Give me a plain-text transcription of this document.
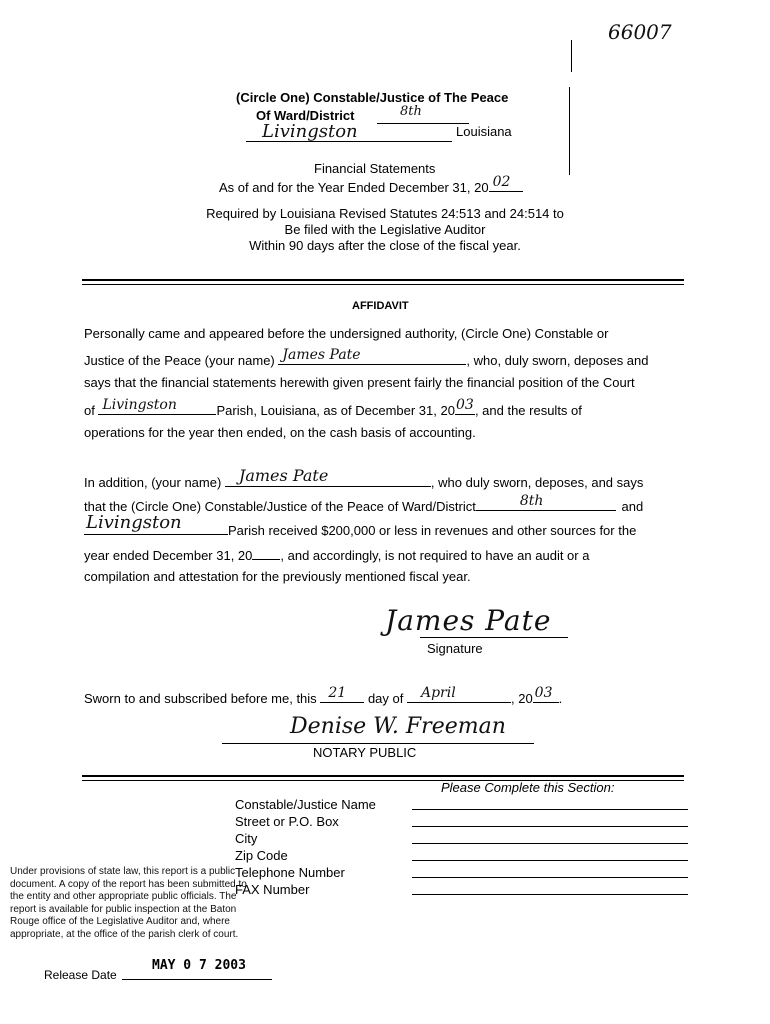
66007
(Circle One) Constable/Justice of The Peace
Of Ward/District	8th
Livingston	Louisiana
Financial Statements
As of and for the Year Ended December 31, 20 02
Required by Louisiana Revised Statutes 24:513 and 24:514 to
Be filed with the Legislative Auditor
Within 90 days after the close of the fiscal year.
AFFIDAVIT
Personally came and appeared before the undersigned authority, (Circle One) Constable or
Justice of the Peace (your name) James Pate	, who, duly sworn, deposes and
says that the financial statements herewith given present fairly the financial position of the Court
of Livingston	Parish, Louisiana, as of December 31, 20 03 , and the results of
operations for the year then ended, on the cash basis of accounting.
In addition, (your name) James Pate	, who duly sworn, deposes, and says
that the (Circle One) Constable/Justice of the Peace of Ward/District	8th	and
Livingston	Parish received $200,000 or less in revenues and other sources for the
year ended December 31, 20 , and accordingly, is not required to have an audit or a
compilation and attestation for the previously mentioned fiscal year.
James Pate
Signature
Sworn to and subscribed before me, this 21 day of April	, 20 03 .
Denise W. Freeman
NOTARY PUBLIC
Please Complete this Section:
Constable/Justice Name
Street or P.O. Box
City
Zip Code
Telephone Number
FAX Number
Under provisions of state law, this report is a public
document. A copy of the report has been submitted to
the entity and other appropriate public officials. The
report is available for public inspection at the Baton
Rouge office of the Legislative Auditor and, where
appropriate, at the office of the parish clerk of court.
Release Date
MAY 0 7 2003
